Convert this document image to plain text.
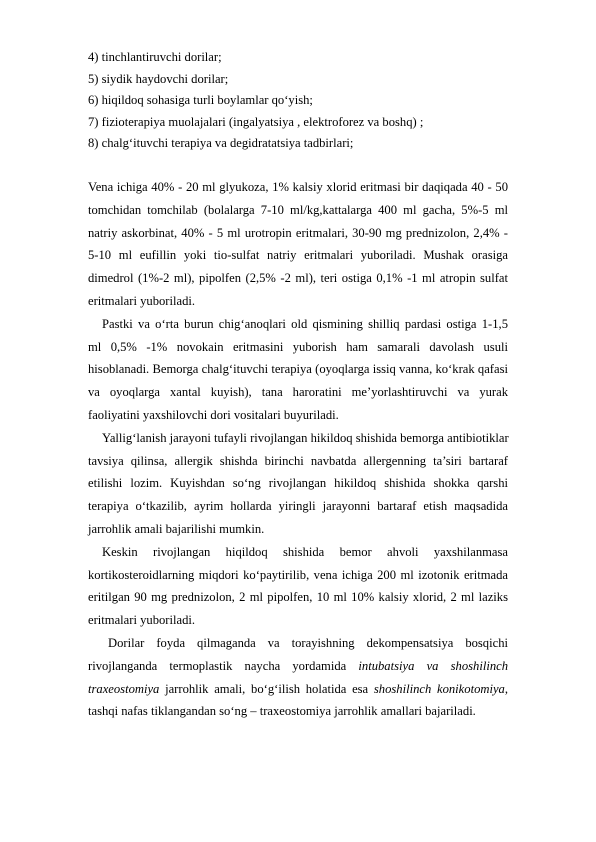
4) tinchlantiruvchi dorilar;
5) siydik haydovchi dorilar;
6) hiqildoq sohasiga turli boylamlar qo‘yish;
7) fizioterapiya muolajalari (ingalyatsiya , elektroforez va boshq) ;
8) chalg‘ituvchi terapiya va degidratatsiya tadbirlari;
Vena ichiga 40% - 20 ml glyukoza, 1% kalsiy xlorid eritmasi bir daqiqada 40 - 50
tomchidan tomchilab (bolalarga 7-10 ml/kg,kattalarga 400 ml gacha, 5%-5 ml
natriy askorbinat, 40% - 5 ml urotropin eritmalari, 30-90 mg prednizolon, 2,4% -
5-10 ml eufillin yoki tio-sulfat natriy eritmalari yuboriladi. Mushak orasiga
dimedrol (1%-2 ml), pipolfen (2,5% -2 ml), teri ostiga 0,1% -1 ml atropin sulfat
eritmalari yuboriladi.
Pastki va o‘rta burun chig‘anoqlari old qismining shilliq pardasi ostiga 1-1,5
ml 0,5% -1% novokain eritmasini yuborish ham samarali davolash usuli
hisoblanadi. Bemorga chalg‘ituvchi terapiya (oyoqlarga issiq vanna, ko‘krak qafasi
va oyoqlarga xantal kuyish), tana haroratini me’yorlashtiruvchi va yurak
faoliyatini yaxshilovchi dori vositalari buyuriladi.
Yallig‘lanish jarayoni tufayli rivojlangan hikildoq shishida bemorga antibiotiklar
tavsiya qilinsa, allergik shishda birinchi navbatda allergenning ta’siri bartaraf
etilishi lozim. Kuyishdan so‘ng rivojlangan hikildoq shishida shokka qarshi
terapiya o‘tkazilib, ayrim hollarda yiringli jarayonni bartaraf etish maqsadida
jarrohlik amali bajarilishi mumkin.
Keskin rivojlangan hiqildoq shishida bemor ahvoli yaxshilanmasa
kortikosteroidlarning miqdori ko‘paytirilib, vena ichiga 200 ml izotonik eritmada
eritilgan 90 mg prednizolon, 2 ml pipolfen, 10 ml 10% kalsiy xlorid, 2 ml laziks
eritmalari yuboriladi.
Dorilar foyda qilmaganda va torayishning dekompensatsiya bosqichi
rivojlanganda termoplastik naycha yordamida intubatsiya va shoshilinch
traxeostomiya jarrohlik amali, bo‘g‘ilish holatida esa shoshilinch konikotomiya,
tashqi nafas tiklangandan so‘ng – traxeostomiya jarrohlik amallari bajariladi.
